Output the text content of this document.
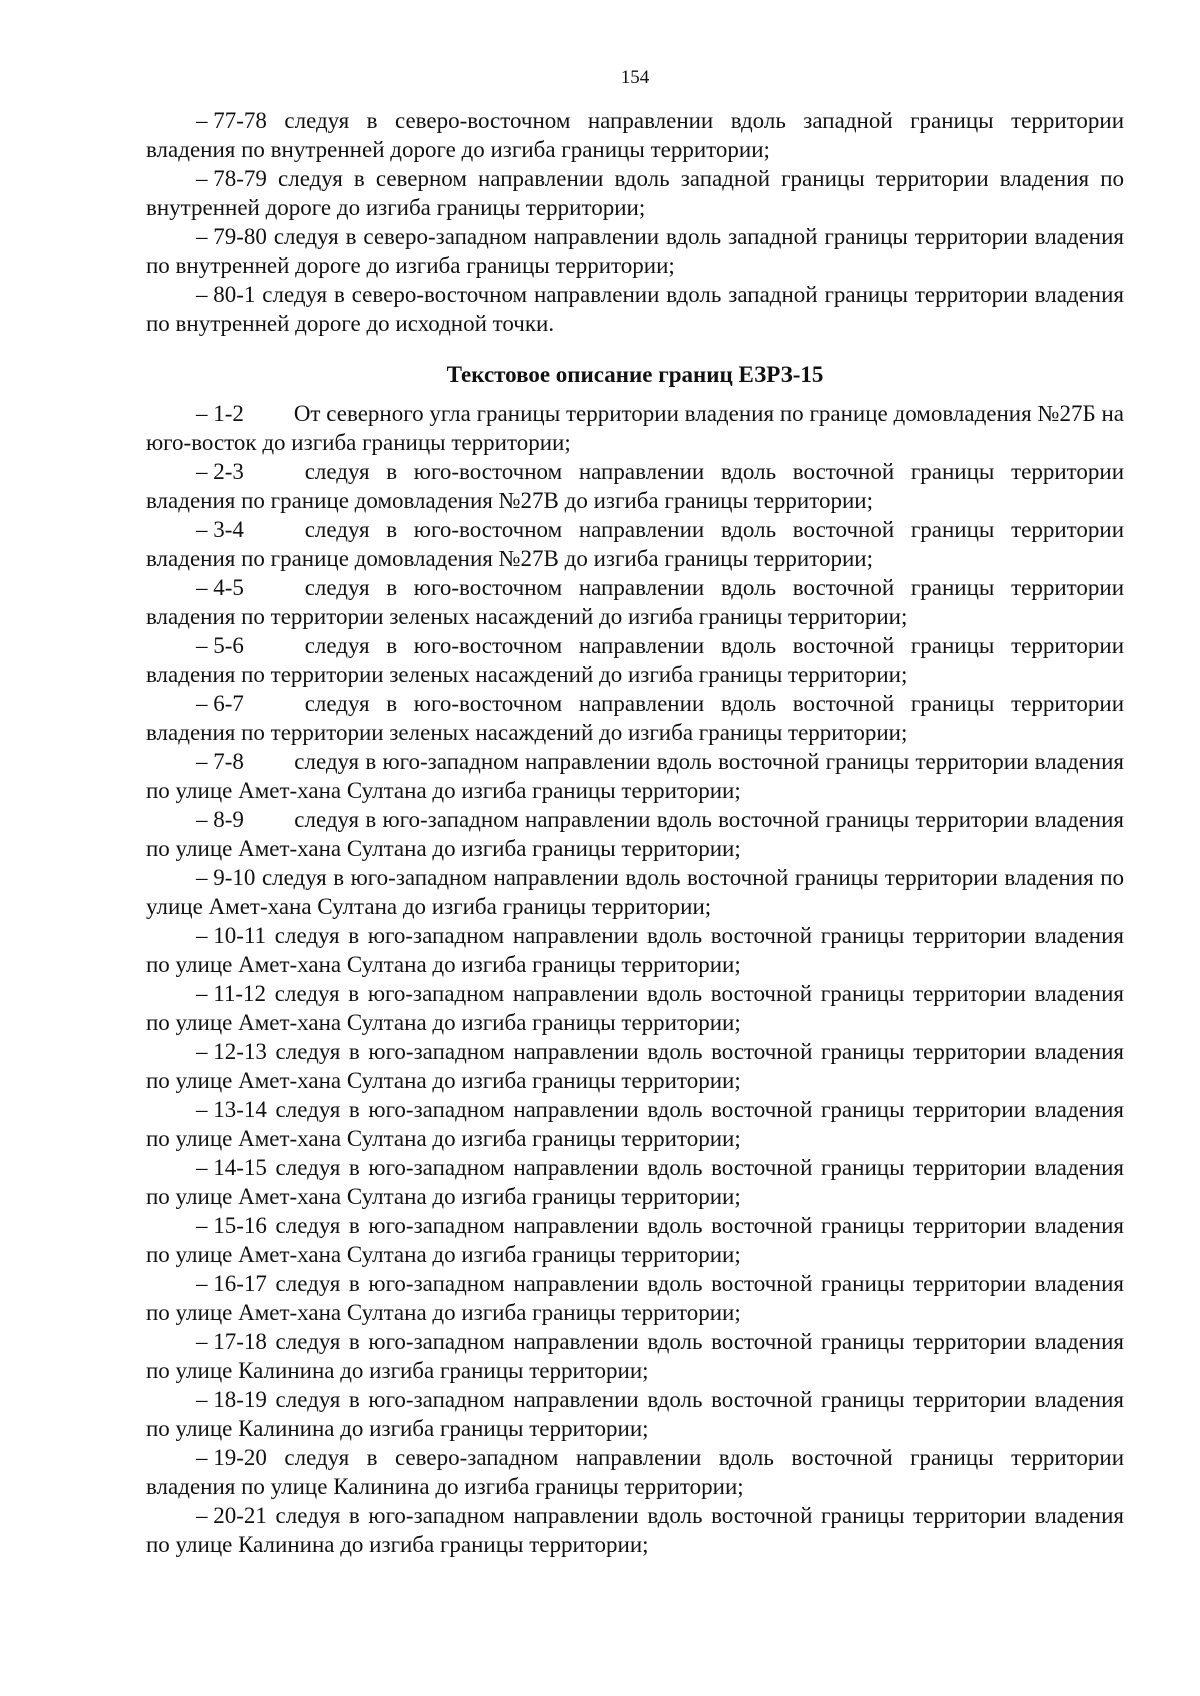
154

– 77-78 следуя в северо-восточном направлении вдоль западной границы территории владения по внутренней дороге до изгиба границы территории;

– 78-79 следуя в северном направлении вдоль западной границы территории владения по внутренней дороге до изгиба границы территории;

– 79-80 следуя в северо-западном направлении вдоль западной границы территории владения по внутренней дороге до изгиба границы территории;

– 80-1 следуя в северо-восточном направлении вдоль западной границы территории владения по внутренней дороге до исходной точки.

Текстовое описание границ ЕЗРЗ-15

– 1-2 От северного угла границы территории владения по границе домовладения №27Б на юго-восток до изгиба границы территории;

– 2-3	следуя в юго-восточном направлении вдоль восточной границы территории владения по границе домовладения №27В до изгиба границы территории;

– 3-4	следуя в юго-восточном направлении вдоль восточной границы территории владения по границе домовладения №27В до изгиба границы территории;

– 4-5	следуя в юго-восточном направлении вдоль восточной границы территории владения по территории зеленых насаждений до изгиба границы территории;

– 5-6	следуя в юго-восточном направлении вдоль восточной границы территории владения по территории зеленых насаждений до изгиба границы территории;

– 6-7	следуя в юго-восточном направлении вдоль восточной границы территории владения по территории зеленых насаждений до изгиба границы территории;

– 7-8 следуя в юго-западном направлении вдоль восточной границы территории владения по улице Амет-хана Султана до изгиба границы территории;

– 8-9 следуя в юго-западном направлении вдоль восточной границы территории владения по улице Амет-хана Султана до изгиба границы территории;

– 9-10 следуя в юго-западном направлении вдоль восточной границы территории владения по улице Амет-хана Султана до изгиба границы территории;

– 10-11 следуя в юго-западном направлении вдоль восточной границы территории владения по улице Амет-хана Султана до изгиба границы территории;

– 11-12 следуя в юго-западном направлении вдоль восточной границы территории владения по улице Амет-хана Султана до изгиба границы территории;

– 12-13 следуя в юго-западном направлении вдоль восточной границы территории владения по улице Амет-хана Султана до изгиба границы территории;

– 13-14 следуя в юго-западном направлении вдоль восточной границы территории владения по улице Амет-хана Султана до изгиба границы территории;

– 14-15 следуя в юго-западном направлении вдоль восточной границы территории владения по улице Амет-хана Султана до изгиба границы территории;

– 15-16 следуя в юго-западном направлении вдоль восточной границы территории владения по улице Амет-хана Султана до изгиба границы территории;

– 16-17 следуя в юго-западном направлении вдоль восточной границы территории владения по улице Амет-хана Султана до изгиба границы территории;

– 17-18 следуя в юго-западном направлении вдоль восточной границы территории владения по улице Калинина до изгиба границы территории;

– 18-19 следуя в юго-западном направлении вдоль восточной границы территории владения по улице Калинина до изгиба границы территории;

– 19-20 следуя в северо-западном направлении вдоль восточной границы территории владения по улице Калинина до изгиба границы территории;

– 20-21 следуя в юго-западном направлении вдоль восточной границы территории владения по улице Калинина до изгиба границы территории;
